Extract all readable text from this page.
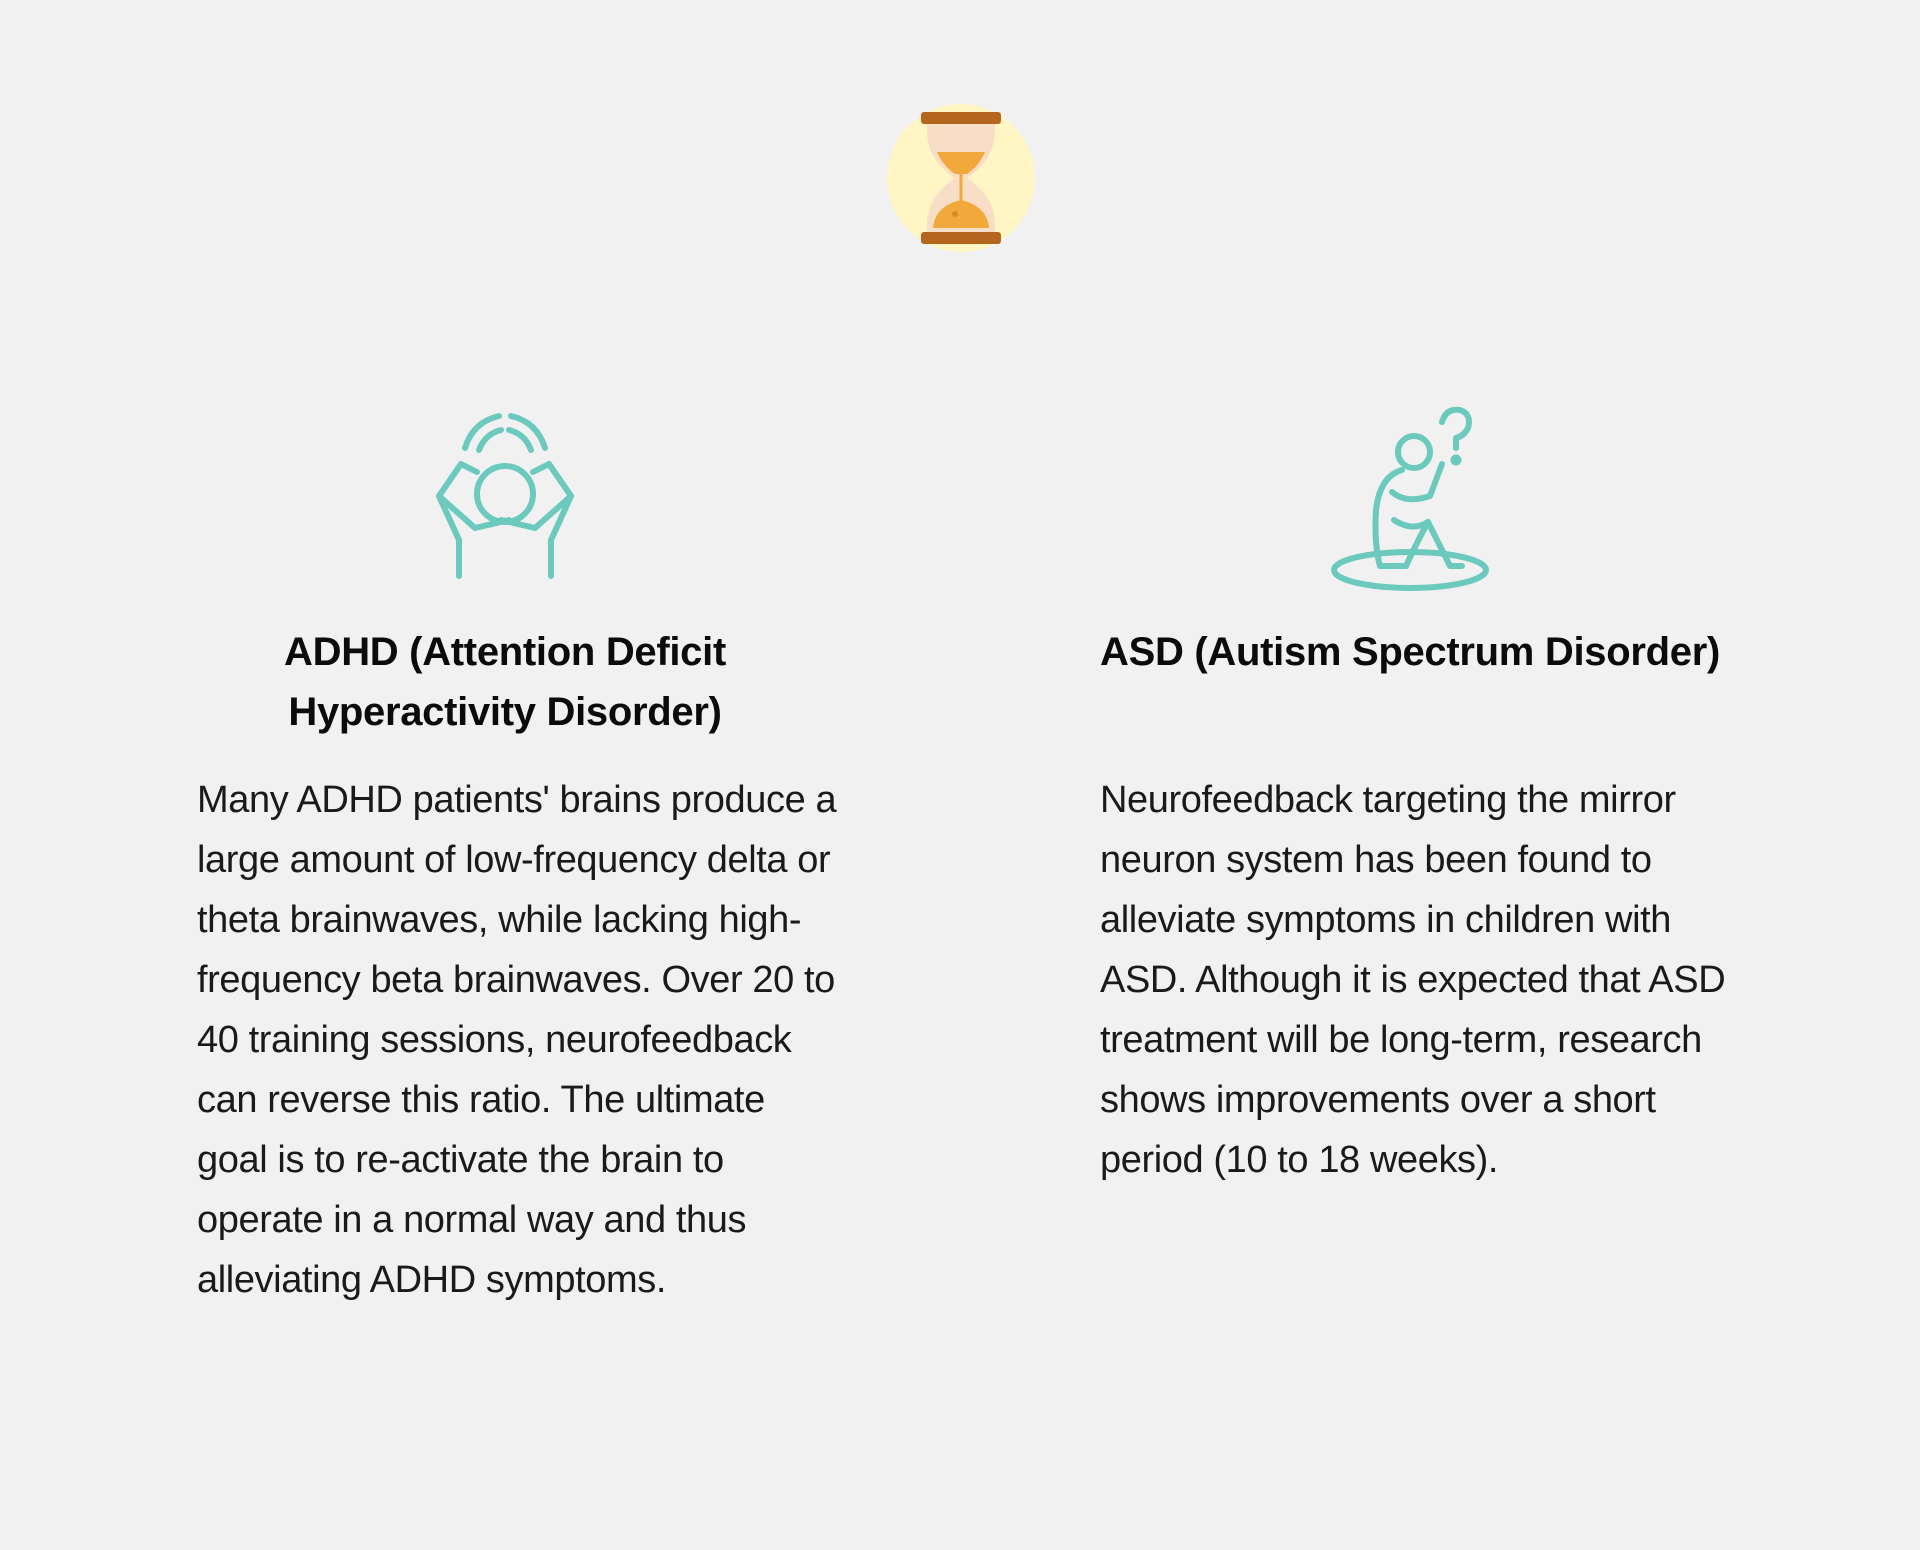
ADHD (Attention Deficit Hyperactivity Disorder)

Many ADHD patients' brains produce a large amount of low-frequency delta or theta brainwaves, while lacking high-frequency beta brainwaves. Over 20 to 40 training sessions, neurofeedback can reverse this ratio. The ultimate goal is to re-activate the brain to operate in a normal way and thus alleviating ADHD symptoms.

ASD (Autism Spectrum Disorder)

Neurofeedback targeting the mirror neuron system has been found to alleviate symptoms in children with ASD. Although it is expected that ASD treatment will be long-term, research shows improvements over a short period (10 to 18 weeks).
